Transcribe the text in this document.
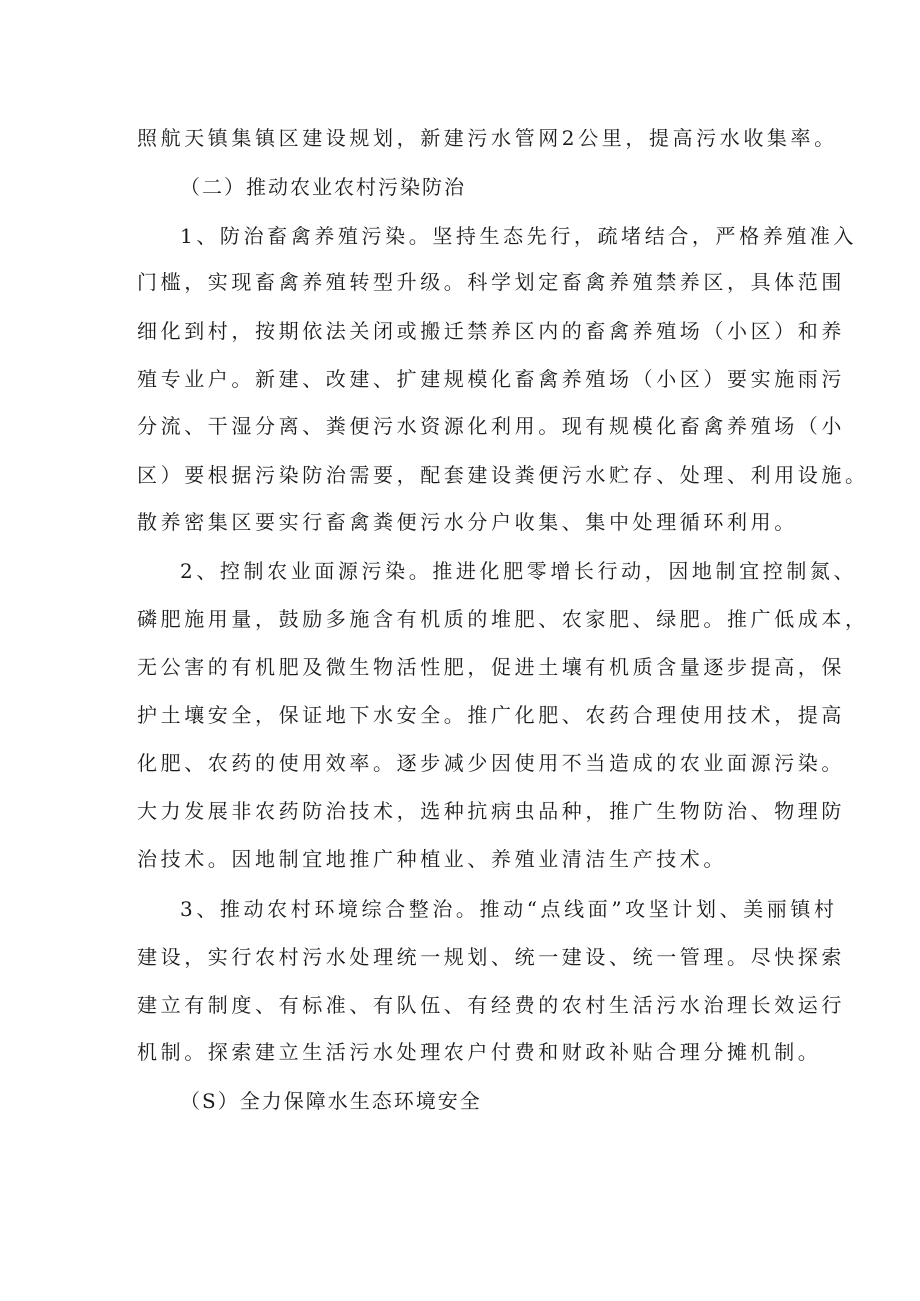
照航天镇集镇区建设规划，新建污水管网2公里，提高污水收集率。
（二）推动农业农村污染防治
1、防治畜禽养殖污染。坚持生态先行，疏堵结合，严格养殖准入
门槛，实现畜禽养殖转型升级。科学划定畜禽养殖禁养区，具体范围
细化到村，按期依法关闭或搬迁禁养区内的畜禽养殖场（小区）和养
殖专业户。新建、改建、扩建规模化畜禽养殖场（小区）要实施雨污
分流、干湿分离、粪便污水资源化利用。现有规模化畜禽养殖场（小
区）要根据污染防治需要，配套建设粪便污水贮存、处理、利用设施。
散养密集区要实行畜禽粪便污水分户收集、集中处理循环利用。
2、控制农业面源污染。推进化肥零增长行动，因地制宜控制氮、
磷肥施用量，鼓励多施含有机质的堆肥、农家肥、绿肥。推广低成本，
无公害的有机肥及微生物活性肥，促进土壤有机质含量逐步提高，保
护土壤安全，保证地下水安全。推广化肥、农药合理使用技术，提高
化肥、农药的使用效率。逐步减少因使用不当造成的农业面源污染。
大力发展非农药防治技术，选种抗病虫品种，推广生物防治、物理防
治技术。因地制宜地推广种植业、养殖业清洁生产技术。
3、推动农村环境综合整治。推动“点线面”攻坚计划、美丽镇村
建设，实行农村污水处理统一规划、统一建设、统一管理。尽快探索
建立有制度、有标准、有队伍、有经费的农村生活污水治理长效运行
机制。探索建立生活污水处理农户付费和财政补贴合理分摊机制。
（S）全力保障水生态环境安全
